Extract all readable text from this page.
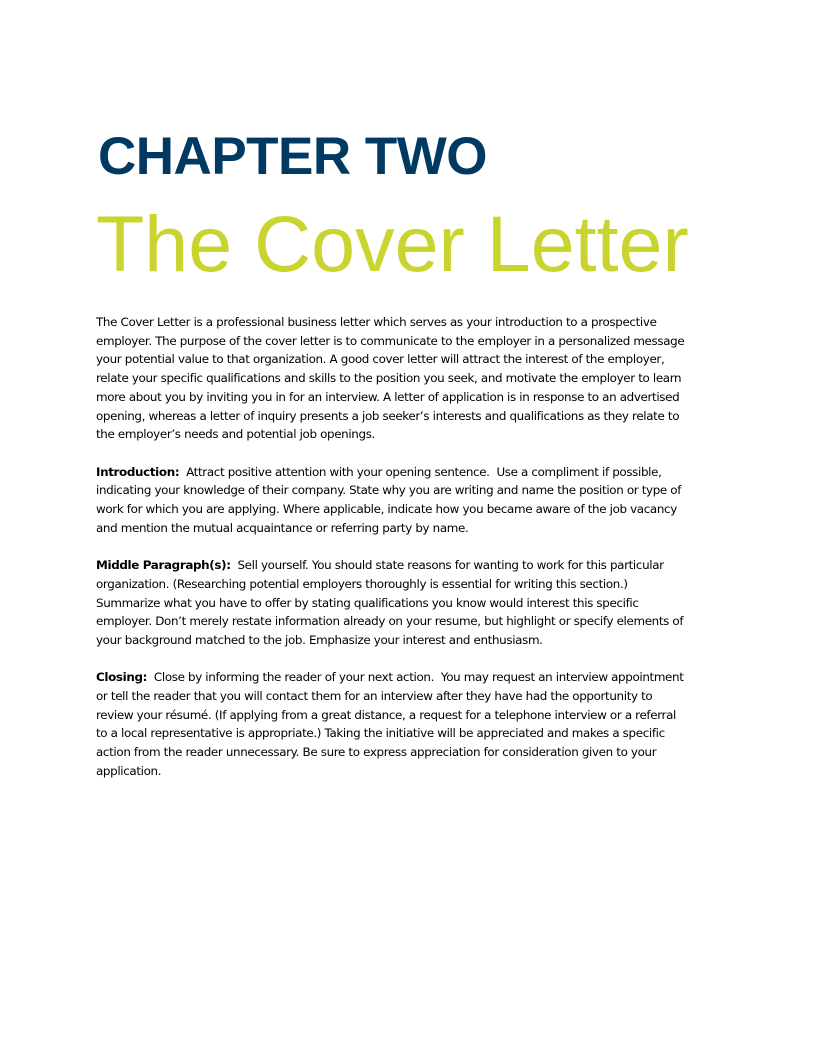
CHAPTER TWO
The Cover Letter

The Cover Letter is a professional business letter which serves as your introduction to a prospective
employer. The purpose of the cover letter is to communicate to the employer in a personalized message
your potential value to that organization. A good cover letter will attract the interest of the employer,
relate your specific qualifications and skills to the position you seek, and motivate the employer to learn
more about you by inviting you in for an interview. A letter of application is in response to an advertised
opening, whereas a letter of inquiry presents a job seeker’s interests and qualifications as they relate to
the employer’s needs and potential job openings.

Introduction:  Attract positive attention with your opening sentence.  Use a compliment if possible,
indicating your knowledge of their company. State why you are writing and name the position or type of
work for which you are applying. Where applicable, indicate how you became aware of the job vacancy
and mention the mutual acquaintance or referring party by name.

Middle Paragraph(s):  Sell yourself. You should state reasons for wanting to work for this particular
organization. (Researching potential employers thoroughly is essential for writing this section.)
Summarize what you have to offer by stating qualifications you know would interest this specific
employer. Don’t merely restate information already on your resume, but highlight or specify elements of
your background matched to the job. Emphasize your interest and enthusiasm.

Closing:  Close by informing the reader of your next action.  You may request an interview appointment
or tell the reader that you will contact them for an interview after they have had the opportunity to
review your résumé. (If applying from a great distance, a request for a telephone interview or a referral
to a local representative is appropriate.) Taking the initiative will be appreciated and makes a specific
action from the reader unnecessary. Be sure to express appreciation for consideration given to your
application.
